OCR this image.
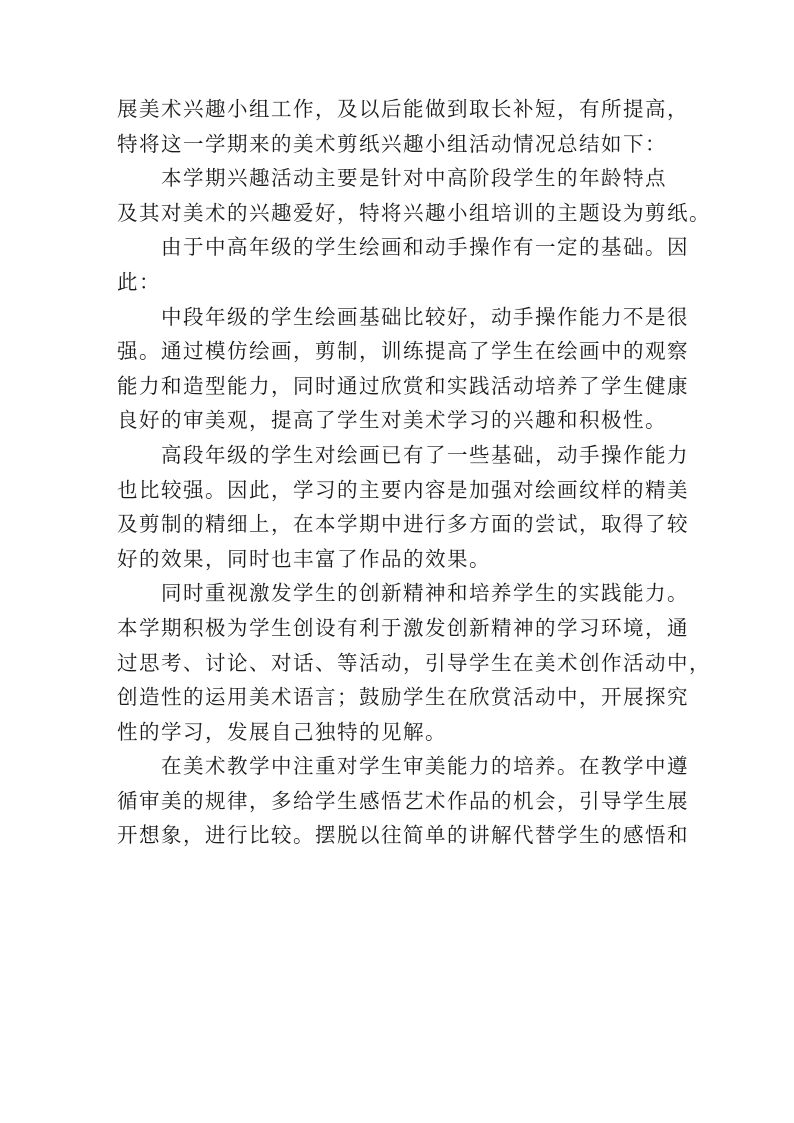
展美术兴趣小组工作，及以后能做到取长补短，有所提高，
特将这一学期来的美术剪纸兴趣小组活动情况总结如下：
本学期兴趣活动主要是针对中高阶段学生的年龄特点
及其对美术的兴趣爱好，特将兴趣小组培训的主题设为剪纸。
由于中高年级的学生绘画和动手操作有一定的基础。因
此：
中段年级的学生绘画基础比较好，动手操作能力不是很
强。通过模仿绘画，剪制，训练提高了学生在绘画中的观察
能力和造型能力，同时通过欣赏和实践活动培养了学生健康
良好的审美观，提高了学生对美术学习的兴趣和积极性。
高段年级的学生对绘画已有了一些基础，动手操作能力
也比较强。因此，学习的主要内容是加强对绘画纹样的精美
及剪制的精细上，在本学期中进行多方面的尝试，取得了较
好的效果，同时也丰富了作品的效果。
同时重视激发学生的创新精神和培养学生的实践能力。
本学期积极为学生创设有利于激发创新精神的学习环境，通
过思考、讨论、对话、等活动，引导学生在美术创作活动中，
创造性的运用美术语言；鼓励学生在欣赏活动中，开展探究
性的学习，发展自己独特的见解。
在美术教学中注重对学生审美能力的培养。在教学中遵
循审美的规律，多给学生感悟艺术作品的机会，引导学生展
开想象，进行比较。摆脱以往简单的讲解代替学生的感悟和
